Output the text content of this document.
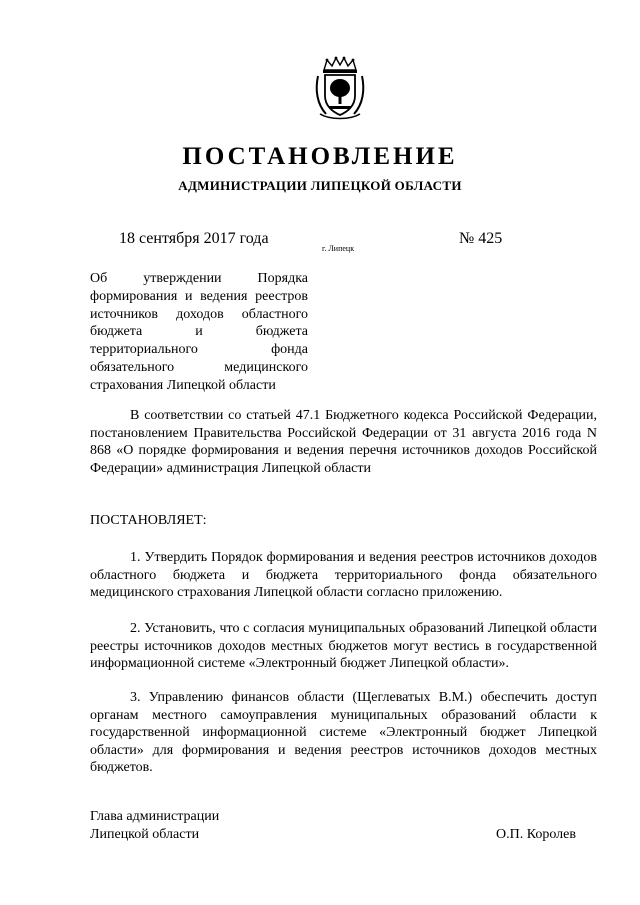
ПОСТАНОВЛЕНИЕ
АДМИНИСТРАЦИИ ЛИПЕЦКОЙ ОБЛАСТИ
18 сентября 2017 года
г. Липецк
№ 425
Об утверждении Порядка формирования и ведения реестров источников доходов областного бюджета и бюджета территориального фонда обязательного медицинского страхования Липецкой области
В соответствии со статьей 47.1 Бюджетного кодекса Российской Федерации, постановлением Правительства Российской Федерации от 31 августа 2016 года N 868 «О порядке формирования и ведения перечня источников доходов Российской Федерации» администрация Липецкой области
ПОСТАНОВЛЯЕТ:
1. Утвердить Порядок формирования и ведения реестров источников доходов областного бюджета и бюджета территориального фонда обязательного медицинского страхования Липецкой области согласно приложению.
2. Установить, что с согласия муниципальных образований Липецкой области реестры источников доходов местных бюджетов могут вестись в государственной информационной системе «Электронный бюджет Липецкой области».
3. Управлению финансов области (Щеглеватых В.М.) обеспечить доступ органам местного самоуправления муниципальных образований области к государственной информационной системе «Электронный бюджет Липецкой области» для формирования и ведения реестров источников доходов местных бюджетов.
Глава администрации
Липецкой области	О.П. Королев
